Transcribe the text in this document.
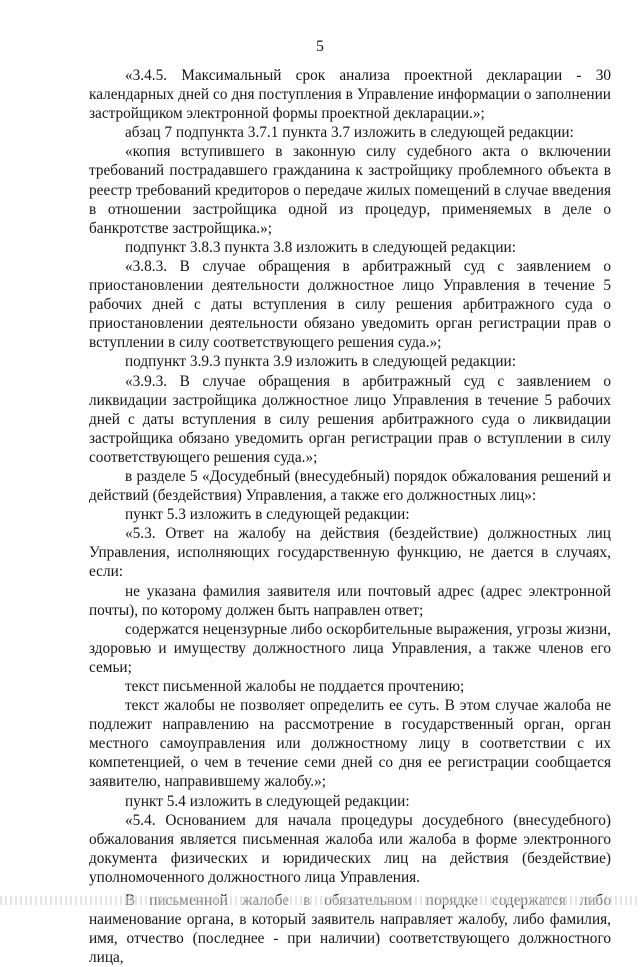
5

«3.4.5. Максимальный срок анализа проектной декларации - 30 календарных дней со дня поступления в Управление информации о заполнении застройщиком электронной формы проектной декларации.»;

абзац 7 подпункта 3.7.1 пункта 3.7 изложить в следующей редакции:

«копия вступившего в законную силу судебного акта о включении требований пострадавшего гражданина к застройщику проблемного объекта в реестр требований кредиторов о передаче жилых помещений в случае введения в отношении застройщика одной из процедур, применяемых в деле о банкротстве застройщика.»;

подпункт 3.8.3 пункта 3.8 изложить в следующей редакции:

«3.8.3. В случае обращения в арбитражный суд с заявлением о приостановлении деятельности должностное лицо Управления в течение 5 рабочих дней с даты вступления в силу решения арбитражного суда о приостановлении деятельности обязано уведомить орган регистрации прав о вступлении в силу соответствующего решения суда.»;

подпункт 3.9.3 пункта 3.9 изложить в следующей редакции:

«3.9.3. В случае обращения в арбитражный суд с заявлением о ликвидации застройщика должностное лицо Управления в течение 5 рабочих дней с даты вступления в силу решения арбитражного суда о ликвидации застройщика обязано уведомить орган регистрации прав о вступлении в силу соответствующего решения суда.»;

в разделе 5 «Досудебный (внесудебный) порядок обжалования решений и действий (бездействия) Управления, а также его должностных лиц»:

пункт 5.3 изложить в следующей редакции:

«5.3. Ответ на жалобу на действия (бездействие) должностных лиц Управления, исполняющих государственную функцию, не дается в случаях, если:

не указана фамилия заявителя или почтовый адрес (адрес электронной почты), по которому должен быть направлен ответ;

содержатся нецензурные либо оскорбительные выражения, угрозы жизни, здоровью и имуществу должностного лица Управления, а также членов его семьи;

текст письменной жалобы не поддается прочтению;

текст жалобы не позволяет определить ее суть. В этом случае жалоба не подлежит направлению на рассмотрение в государственный орган, орган местного самоуправления или должностному лицу в соответствии с их компетенцией, о чем в течение семи дней со дня ее регистрации сообщается заявителю, направившему жалобу.»;

пункт 5.4 изложить в следующей редакции:

«5.4. Основанием для начала процедуры досудебного (внесудебного) обжалования является письменная жалоба или жалоба в форме электронного документа физических и юридических лиц на действия (бездействие) уполномоченного должностного лица Управления.

наименование органа, в который заявитель направляет жалобу, либо фамилия, имя, отчество (последнее - при наличии) соответствующего должностного лица,
